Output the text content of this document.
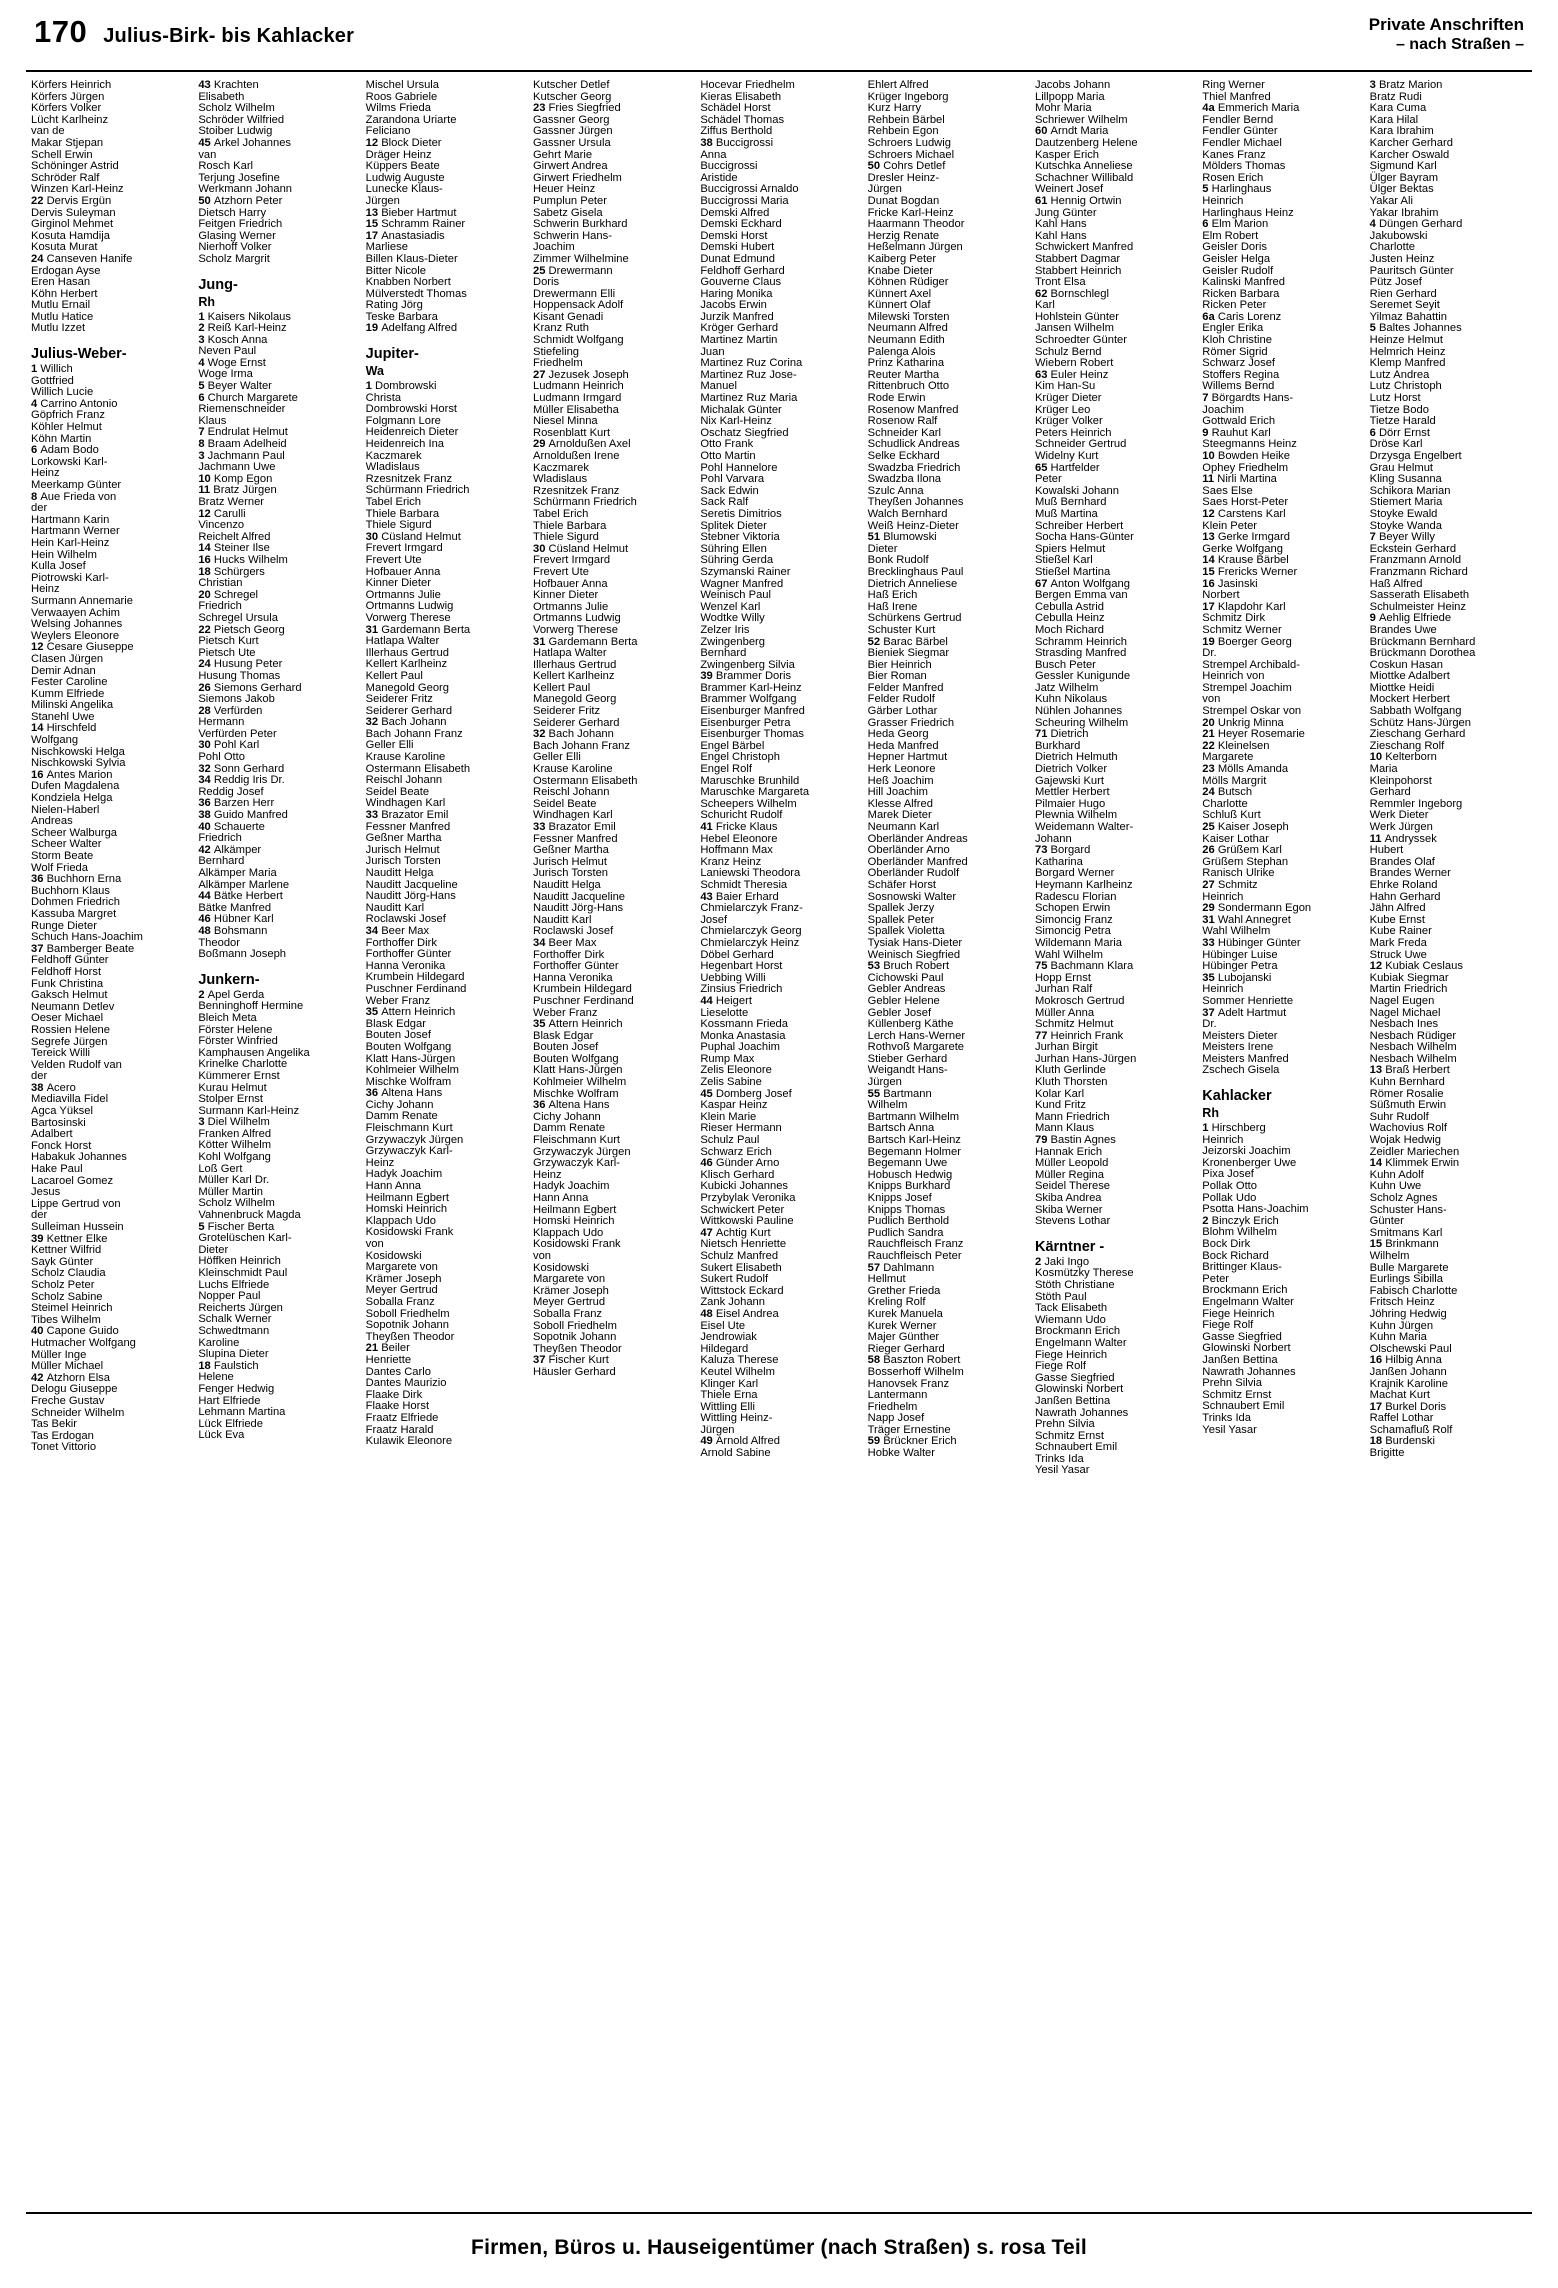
170 Julius-Birk- bis Kahlacker
Private Anschriften
– nach Straßen –
Körfers Heinrich
Körfers Jürgen
Körfers Volker
Lücht Karlheinz
van de
Makar Stjepan
Schell Erwin
Schöninger Astrid
Schröder Ralf
Winzen Karl-Heinz
22 Dervis Ergün
Dervis Suleyman
Girginol Mehmet
Kosuta Hamdija
Kosuta Murat
24 Canseven Hanife
Erdogan Ayse
Eren Hasan
Köhn Herbert
Mutlu Ernail
Mutlu Hatice
Mutlu Izzet
Julius-Weber-
1 Willich
Gottfried
Willich Lucie
4 Carrino Antonio
Göpfrich Franz
Köhler Helmut
Köhn Martin
6 Adam Bodo
Lorkowski Karl-
Heinz
Meerkamp Günter
8 Aue Frieda von
der
Hartmann Karin
Hartmann Werner
Hein Karl-Heinz
Hein Wilhelm
Kulla Josef
Piotrowski Karl-
Heinz
Surmann Annemarie
Verwaayen Achim
Welsing Johannes
Weylers Eleonore
12 Cesare Giuseppe
Clasen Jürgen
Demir Adnan
Fester Caroline
Kumm Elfriede
Milinski Angelika
Stanehl Uwe
14 Hirschfeld
Wolfgang
Nischkowski Helga
Nischkowski Sylvia
16 Antes Marion
Dufen Magdalena
Kondziela Helga
Nielen-Haberl
Andreas
Scheer Walburga
Scheer Walter
Storm Beate
Wolf Frieda
36 Buchhorn Erna
Buchhorn Klaus
Dohmen Friedrich
Kassuba Margret
Runge Dieter
Schuch Hans-Joachim
37 Bamberger Beate
Feldhoff Günter
Feldhoff Horst
Funk Christina
Gaksch Helmut
Neumann Detlev
Oeser Michael
Rossien Helene
Segrefe Jürgen
Tereick Willi
Velden Rudolf van
der
38 Acero
Mediavilla Fidel
Agca Yüksel
Bartosinski
Adalbert
Fonck Horst
Habakuk Johannes
Hake Paul
Lacaroel Gomez
Jesus
Lippe Gertrud von
der
Sulleiman Hussein
39 Kettner Elke
Kettner Wilfrid
Sayk Günter
Scholz Claudia
Scholz Peter
Scholz Sabine
Steimel Heinrich
Tibes Wilhelm
40 Capone Guido
Hutmacher Wolfgang
Müller Inge
Müller Michael
42 Atzhorn Elsa
Delogu Giuseppe
Freche Gustav
Schneider Wilhelm
Tas Bekir
Tas Erdogan
Tonet Vittorio
43 Krachten
Elisabeth
Scholz Wilhelm
Schröder Wilfried
Stoiber Ludwig
45 Arkel Johannes
van
Rosch Karl
Terjung Josefine
Werkmann Johann
50 Atzhorn Peter
Dietsch Harry
Feitgen Friedrich
Glasing Werner
Nierhoff Volker
Scholz Margrit
Jung-
Rh
1 Kaisers Nikolaus
2 Reiß Karl-Heinz
3 Kosch Anna
Neven Paul
4 Woge Ernst
Woge Irma
5 Beyer Walter
6 Church Margarete
Riemenschneider
Klaus
7 Endrulat Helmut
8 Braam Adelheid
3 Jachmann Paul
Jachmann Uwe
10 Komp Egon
11 Bratz Jürgen
Bratz Werner
12 Carulli
Vincenzo
Reichelt Alfred
14 Steiner Ilse
16 Hucks Wilhelm
18 Schürgers
Christian
20 Schregel
Friedrich
Schregel Ursula
22 Pietsch Georg
Pietsch Kurt
Pietsch Ute
24 Husung Peter
Husung Thomas
26 Siemons Gerhard
Siemons Jakob
28 Verfürden
Hermann
Verfürden Peter
30 Pohl Karl
Pohl Otto
32 Sonn Gerhard
34 Reddig Iris Dr.
Reddig Josef
36 Barzen Herr
38 Guido Manfred
40 Schauerte
Friedrich
42 Alkämper
Bernhard
Alkämper Maria
Alkämper Marlene
44 Bätke Herbert
Bätke Manfred
46 Hübner Karl
48 Bohsmann
Theodor
Boßmann Joseph
Junkern-
2 Apel Gerda
Benninghoff Hermine
Bleich Meta
Förster Helene
Förster Winfried
Kamphausen Angelika
Krinelke Charlotte
Kümmerer Ernst
Kurau Helmut
Stolper Ernst
Surmann Karl-Heinz
3 Diel Wilhelm
Franken Alfred
Kötter Wilhelm
Kohl Wolfgang
Loß Gert
Müller Karl Dr.
Müller Martin
Scholz Wilhelm
Vahnenbruck Magda
5 Fischer Berta
Grotelüschen Karl-
Dieter
Höffken Heinrich
Kleinschmidt Paul
Luchs Elfriede
Nopper Paul
Reicherts Jürgen
Schalk Werner
Schwedtmann
Karoline
Slupina Dieter
18 Faulstich
Helene
Fenger Hedwig
Hart Elfriede
Lehmann Martina
Lück Elfriede
Lück Eva
Mischel Ursula
Roos Gabriele
Wilms Frieda
Zarandona Uriarte
Feliciano
12 Block Dieter
Dräger Heinz
Küppers Beate
Ludwig Auguste
Lunecke Klaus-
Jürgen
13 Bieber Hartmut
15 Schramm Rainer
17 Anastasiadis
Marliese
Billen Klaus-Dieter
Bitter Nicole
Knabben Norbert
Mülverstedt Thomas
Rating Jörg
Teske Barbara
19 Adelfang Alfred
Jupiter-
Wa
1 Dombrowski
Christa
Dombrowski Horst
Folgmann Lore
Heidenreich Dieter
Heidenreich Ina
Kaczmarek
Wladislaus
Rzesnitzek Franz
Schürmann Friedrich
Tabel Erich
Thiele Barbara
Thiele Sigurd
30 Cüsland Helmut
Frevert Irmgard
Frevert Ute
Hofbauer Anna
Kinner Dieter
Ortmanns Julie
Ortmanns Ludwig
Vorwerg Therese
31 Gardemann Berta
Hatlapa Walter
Illerhaus Gertrud
Kellert Karlheinz
Kellert Paul
Manegold Georg
Seiderer Fritz
Seiderer Gerhard
32 Bach Johann
Bach Johann Franz
Geller Elli
Krause Karoline
Ostermann Elisabeth
Reischl Johann
Seidel Beate
Windhagen Karl
33 Brazator Emil
Fessner Manfred
Geßner Martha
Jurisch Helmut
Jurisch Torsten
Nauditt Helga
Nauditt Jacqueline
Nauditt Jörg-Hans
Nauditt Karl
Roclawski Josef
34 Beer Max
Forthoffer Dirk
Forthoffer Günter
Hanna Veronika
Krumbein Hildegard
Puschner Ferdinand
Weber Franz
35 Attern Heinrich
Blask Edgar
Bouten Josef
Bouten Wolfgang
Klatt Hans-Jürgen
Kohlmeier Wilhelm
Mischke Wolfram
36 Altena Hans
Cichy Johann
Damm Renate
Fleischmann Kurt
Grzywaczyk Jürgen
Grzywaczyk Karl-
Heinz
Hadyk Joachim
Hann Anna
Heilmann Egbert
Homski Heinrich
Klappach Udo
Kosidowski Frank
von
Kosidowski
Margarete von
Krämer Joseph
Meyer Gertrud
Soballa Franz
Soboll Friedhelm
Sopotnik Johann
Theyßen Theodor
21 Beiler
Henriette
Dantes Carlo
Dantes Maurizio
Flaake Dirk
Flaake Horst
Fraatz Elfriede
Fraatz Harald
Kulawik Eleonore
Kutscher Detlef
Kutscher Georg
23 Fries Siegfried
Gassner Georg
Gassner Jürgen
Gassner Ursula
Gehrt Marie
Girwert Andrea
Girwert Friedhelm
Heuer Heinz
Pumplun Peter
Sabetz Gisela
Schwerin Burkhard
Schwerin Hans-
Joachim
Zimmer Wilhelmine
25 Drewermann
Doris
Drewermann Elli
Hoppensack Adolf
Kisant Genadi
Kranz Ruth
Schmidt Wolfgang
Stiefeling
Friedhelm
27 Jezusek Joseph
Ludmann Heinrich
Ludmann Irmgard
Müller Elisabetha
Niesel Minna
Rosenblatt Kurt
29 Arnoldußen Axel
Arnoldußen Irene
Kaczmarek
Wladislaus
Rzesnitzek Franz
Schürmann Friedrich
Tabel Erich
Thiele Barbara
Thiele Sigurd
30 Cüsland Helmut
Frevert Irmgard
Frevert Ute
Hofbauer Anna
Kinner Dieter
Ortmanns Julie
Ortmanns Ludwig
Vorwerg Therese
31 Gardemann Berta
Hatlapa Walter
Illerhaus Gertrud
Kellert Karlheinz
Kellert Paul
Manegold Georg
Seiderer Fritz
Seiderer Gerhard
32 Bach Johann
Bach Johann Franz
Geller Elli
Krause Karoline
Ostermann Elisabeth
Reischl Johann
Seidel Beate
Windhagen Karl
33 Brazator Emil
Fessner Manfred
Geßner Martha
Jurisch Helmut
Jurisch Torsten
Nauditt Helga
Nauditt Jacqueline
Nauditt Jörg-Hans
Nauditt Karl
Roclawski Josef
34 Beer Max
Forthoffer Dirk
Forthoffer Günter
Hanna Veronika
Krumbein Hildegard
Puschner Ferdinand
Weber Franz
35 Attern Heinrich
Blask Edgar
Bouten Josef
Bouten Wolfgang
Klatt Hans-Jürgen
Kohlmeier Wilhelm
Mischke Wolfram
36 Altena Hans
Cichy Johann
Damm Renate
Fleischmann Kurt
Grzywaczyk Jürgen
Grzywaczyk Karl-
Heinz
Hadyk Joachim
Hann Anna
Heilmann Egbert
Homski Heinrich
Klappach Udo
Kosidowski Frank
von
Kosidowski
Margarete von
Krämer Joseph
Meyer Gertrud
Soballa Franz
Soboll Friedhelm
Sopotnik Johann
Theyßen Theodor
37 Fischer Kurt
Häusler Gerhard
Hocevar Friedhelm
Kieras Elisabeth
Schädel Horst
Schädel Thomas
Ziffus Berthold
38 Buccigrossi
Anna
Buccigrossi
Aristide
Buccigrossi Arnaldo
Buccigrossi Maria
Demski Alfred
Demski Eckhard
Demski Horst
Demski Hubert
Dunat Edmund
Feldhoff Gerhard
Gouverne Claus
Haring Monika
Jacobs Erwin
Jurzik Manfred
Kröger Gerhard
Martinez Martin
Juan
Martinez Ruz Corina
Martinez Ruz Jose-
Manuel
Martinez Ruz Maria
Michalak Günter
Nix Karl-Heinz
Oschatz Siegfried
Otto Frank
Otto Martin
Pohl Hannelore
Pohl Varvara
Sack Edwin
Sack Ralf
Seretis Dimitrios
Splitek Dieter
Stebner Viktoria
Sühring Ellen
Sühring Gerda
Szymanski Rainer
Wagner Manfred
Weinisch Paul
Wenzel Karl
Wodtke Willy
Zelzer Iris
Zwingenberg
Bernhard
Zwingenberg Silvia
39 Brammer Doris
Brammer Karl-Heinz
Brammer Wolfgang
Eisenburger Manfred
Eisenburger Petra
Eisenburger Thomas
Engel Bärbel
Engel Christoph
Engel Rolf
Maruschke Brunhild
Maruschke Margareta
Scheepers Wilhelm
Schuricht Rudolf
41 Fricke Klaus
Hebel Eleonore
Hoffmann Max
Kranz Heinz
Laniewski Theodora
Schmidt Theresia
43 Baier Erhard
Chmielarczyk Franz-
Josef
Chmielarczyk Georg
Chmielarczyk Heinz
Döbel Gerhard
Hegenbart Horst
Uebbing Willi
Zinsius Friedrich
44 Heigert
Lieselotte
Kossmann Frieda
Monka Anastasia
Puphal Joachim
Rump Max
Zelis Eleonore
Zelis Sabine
45 Domberg Josef
Kaspar Heinz
Klein Marie
Rieser Hermann
Schulz Paul
Schwarz Erich
46 Günder Arno
Klisch Gerhard
Kubicki Johannes
Przybylak Veronika
Schwickert Peter
Wittkowski Pauline
47 Achtig Kurt
Nietsch Henriette
Schulz Manfred
Sukert Elisabeth
Sukert Rudolf
Wittstock Eckard
Zank Johann
48 Eisel Andrea
Eisel Ute
Jendrowiak
Hildegard
Kaluza Therese
Keutel Wilhelm
Klinger Karl
Thiele Erna
Wittling Elli
Wittling Heinz-
Jürgen
49 Arnold Alfred
Arnold Sabine
Ehlert Alfred
Krüger Ingeborg
Kurz Harry
Rehbein Bärbel
Rehbein Egon
Schroers Ludwig
Schroers Michael
50 Cohrs Detlef
Dresler Heinz-
Jürgen
Dunat Bogdan
Fricke Karl-Heinz
Haarmann Theodor
Herzig Renate
Heßelmann Jürgen
Kaiberg Peter
Knabe Dieter
Köhnen Rüdiger
Künnert Axel
Künnert Olaf
Milewski Torsten
Neumann Alfred
Neumann Edith
Palenga Alois
Prinz Katharina
Reuter Martha
Rittenbruch Otto
Rode Erwin
Rosenow Manfred
Rosenow Ralf
Schneider Karl
Schudlick Andreas
Selke Eckhard
Swadzba Friedrich
Swadzba Ilona
Szulc Anna
Theyßen Johannes
Walch Bernhard
Weiß Heinz-Dieter
51 Blumowski
Dieter
Bonk Rudolf
Brecklinghaus Paul
Dietrich Anneliese
Haß Erich
Haß Irene
Schürkens Gertrud
Schuster Kurt
52 Barac Bärbel
Bieniek Siegmar
Bier Heinrich
Bier Roman
Felder Manfred
Felder Rudolf
Gärber Lothar
Grasser Friedrich
Heda Georg
Heda Manfred
Hepner Hartmut
Herk Leonore
Heß Joachim
Hill Joachim
Klesse Alfred
Marek Dieter
Neumann Karl
Oberländer Andreas
Oberländer Arno
Oberländer Manfred
Oberländer Rudolf
Schäfer Horst
Sosnowski Walter
Spallek Jerzy
Spallek Peter
Spallek Violetta
Tysiak Hans-Dieter
Weinisch Siegfried
53 Bruch Robert
Cichowski Paul
Gebler Andreas
Gebler Helene
Gebler Josef
Küllenberg Käthe
Lerch Hans-Werner
Rothvoß Margarete
Stieber Gerhard
Weigandt Hans-
Jürgen
55 Bartmann
Wilhelm
Bartmann Wilhelm
Bartsch Anna
Bartsch Karl-Heinz
Begemann Holmer
Begemann Uwe
Hobusch Hedwig
Knipps Burkhard
Knipps Josef
Knipps Thomas
Pudlich Berthold
Pudlich Sandra
Rauchfleisch Franz
Rauchfleisch Peter
57 Dahlmann
Hellmut
Grether Frieda
Kreling Rolf
Kurek Manuela
Kurek Werner
Majer Günther
Rieger Gerhard
58 Baszton Robert
Bosserhoff Wilhelm
Hanovsek Franz
Lantermann
Friedhelm
Napp Josef
Träger Ernestine
59 Brückner Erich
Hobke Walter
Jacobs Johann
Lillpopp Maria
Mohr Maria
Schriewer Wilhelm
60 Arndt Maria
Dautzenberg Helene
Kasper Erich
Kutschka Anneliese
Schachner Willibald
Weinert Josef
61 Hennig Ortwin
Jung Günter
Kahl Hans
Kahl Hans
Schwickert Manfred
Stabbert Dagmar
Stabbert Heinrich
Tront Elsa
62 Bornschlegl
Karl
Hohlstein Günter
Jansen Wilhelm
Schroedter Günter
Schulz Bernd
Wiebern Robert
63 Euler Heinz
Kim Han-Su
Krüger Dieter
Krüger Leo
Krüger Volker
Peters Heinrich
Schneider Gertrud
Widelny Kurt
65 Hartfelder
Peter
Kowalski Johann
Muß Bernhard
Muß Martina
Schreiber Herbert
Socha Hans-Günter
Spiers Helmut
Stießel Karl
Stießel Martina
67 Anton Wolfgang
Bergen Emma van
Cebulla Astrid
Cebulla Heinz
Moch Richard
Schramm Heinrich
Strasding Manfred
Busch Peter
Gessler Kunigunde
Jatz Wilhelm
Kuhn Nikolaus
Nühlen Johannes
Scheuring Wilhelm
71 Dietrich
Burkhard
Dietrich Helmuth
Dietrich Volker
Gajewski Kurt
Mettler Herbert
Pilmaier Hugo
Plewnia Wilhelm
Weidemann Walter-
Johann
73 Borgard
Katharina
Borgard Werner
Heymann Karlheinz
Radescu Florian
Schopen Erwin
Simoncig Franz
Simoncig Petra
Wildemann Maria
Wahl Wilhelm
75 Bachmann Klara
Hopp Ernst
Jurhan Ralf
Mokrosch Gertrud
Müller Anna
Schmitz Helmut
77 Heinrich Frank
Jurhan Birgit
Jurhan Hans-Jürgen
Kluth Gerlinde
Kluth Thorsten
Kolar Karl
Kund Fritz
Mann Friedrich
Mann Klaus
79 Bastin Agnes
Hannak Erich
Müller Leopold
Müller Regina
Seidel Therese
Skiba Andrea
Skiba Werner
Stevens Lothar
Kärntner -
2 Jaki Ingo
Kosmützky Therese
Stöth Christiane
Stöth Paul
Tack Elisabeth
Wiemann Udo
Brockmann Erich
Engelmann Walter
Fiege Heinrich
Fiege Rolf
Gasse Siegfried
Glowinski Norbert
Janßen Bettina
Nawrath Johannes
Prehn Silvia
Schmitz Ernst
Schnaubert Emil
Trinks Ida
Yesil Yasar
Ring Werner
Thiel Manfred
4a Emmerich Maria
Fendler Bernd
Fendler Günter
Fendler Michael
Kanes Franz
Mölders Thomas
Rosen Erich
5 Harlinghaus
Heinrich
Harlinghaus Heinz
6 Elm Marion
Elm Robert
Geisler Doris
Geisler Helga
Geisler Rudolf
Kalinski Manfred
Ricken Barbara
Ricken Peter
6a Caris Lorenz
Engler Erika
Kloh Christine
Römer Sigrid
Schwarz Josef
Stoffers Regina
Willems Bernd
7 Börgardts Hans-
Joachim
Gottwald Erich
9 Rauhut Karl
Steegmanns Heinz
10 Bowden Heike
Ophey Friedhelm
11 Nirli Martina
Saes Else
Saes Horst-Peter
12 Carstens Karl
Klein Peter
13 Gerke Irmgard
Gerke Wolfgang
14 Krause Bärbel
15 Frericks Werner
16 Jasinski
Norbert
17 Klapdohr Karl
Schmitz Dirk
Schmitz Werner
19 Boerger Georg
Dr.
Strempel Archibald-
Heinrich von
Strempel Joachim
von
Strempel Oskar von
20 Unkrig Minna
21 Heyer Rosemarie
22 Kleinelsen
Margarete
23 Mölls Amanda
Mölls Margrit
24 Butsch
Charlotte
Schluß Kurt
25 Kaiser Joseph
Kaiser Lothar
26 Grüßem Karl
Grüßem Stephan
Ranisch Ulrike
27 Schmitz
Heinrich
29 Sondermann Egon
31 Wahl Annegret
Wahl Wilhelm
33 Hübinger Günter
Hübinger Luise
Hübinger Petra
35 Lubojanski
Heinrich
Sommer Henriette
37 Adelt Hartmut
Dr.
Meisters Dieter
Meisters Irene
Meisters Manfred
Zschech Gisela
Kahlacker
Rh
1 Hirschberg
Heinrich
Jeizorski Joachim
Kronenberger Uwe
Pixa Josef
Pollak Otto
Pollak Udo
Psotta Hans-Joachim
2 Binczyk Erich
Blohm Wilhelm
Bock Dirk
Bock Richard
Brittinger Klaus-
Peter
Brockmann Erich
Engelmann Walter
Fiege Heinrich
Fiege Rolf
Gasse Siegfried
Glowinski Norbert
Janßen Bettina
Nawrath Johannes
Prehn Silvia
Schmitz Ernst
Schnaubert Emil
Trinks Ida
Yesil Yasar
3 Bratz Marion
Bratz Rudi
Kara Cuma
Kara Hilal
Kara Ibrahim
Karcher Gerhard
Karcher Oswald
Sigmund Karl
Ülger Bayram
Ülger Bektas
Yakar Ali
Yakar Ibrahim
4 Düngen Gerhard
Jakubowski
Charlotte
Justen Heinz
Pauritsch Günter
Pütz Josef
Rien Gerhard
Seremet Seyit
Yilmaz Bahattin
5 Baltes Johannes
Heinze Helmut
Helmrich Heinz
Klemp Manfred
Lutz Andrea
Lutz Christoph
Lutz Horst
Tietze Bodo
Tietze Harald
6 Dörr Ernst
Dröse Karl
Drzysga Engelbert
Grau Helmut
Kling Susanna
Schikora Marian
Stiemert Maria
Stoyke Ewald
Stoyke Wanda
7 Beyer Willy
Eckstein Gerhard
Franzmann Arnold
Franzmann Richard
Haß Alfred
Sasserath Elisabeth
Schulmeister Heinz
9 Aehlig Elfriede
Brandes Uwe
Brückmann Bernhard
Brückmann Dorothea
Coskun Hasan
Miottke Adalbert
Miottke Heidi
Mockert Herbert
Sabbath Wolfgang
Schütz Hans-Jürgen
Zieschang Gerhard
Zieschang Rolf
10 Kelterborn
Maria
Kleinpohorst
Gerhard
Remmler Ingeborg
Werk Dieter
Werk Jürgen
11 Andryssek
Hubert
Brandes Olaf
Brandes Werner
Ehrke Roland
Hahn Gerhard
Jähn Alfred
Kube Ernst
Kube Rainer
Mark Freda
Struck Uwe
12 Kubiak Ceslaus
Kubiak Siegmar
Martin Friedrich
Nagel Eugen
Nagel Michael
Nesbach Ines
Nesbach Rüdiger
Nesbach Wilhelm
Nesbach Wilhelm
13 Braß Herbert
Kuhn Bernhard
Römer Rosalie
Süßmuth Erwin
Suhr Rudolf
Wachovius Rolf
Wojak Hedwig
Zeidler Mariechen
14 Klimmek Erwin
Kuhn Adolf
Kuhn Uwe
Scholz Agnes
Schuster Hans-
Günter
Smitmans Karl
15 Brinkmann
Wilhelm
Bulle Margarete
Eurlings Sibilla
Fabisch Charlotte
Fritsch Heinz
Jöhring Hedwig
Kuhn Jürgen
Kuhn Maria
Olschewski Paul
16 Hilbig Anna
Janßen Johann
Krajnik Karoline
Machat Kurt
17 Burkel Doris
Raffel Lothar
Schamafluß Rolf
18 Burdenski
Brigitte
Firmen, Büros u. Hauseigentümer (nach Straßen) s. rosa Teil
